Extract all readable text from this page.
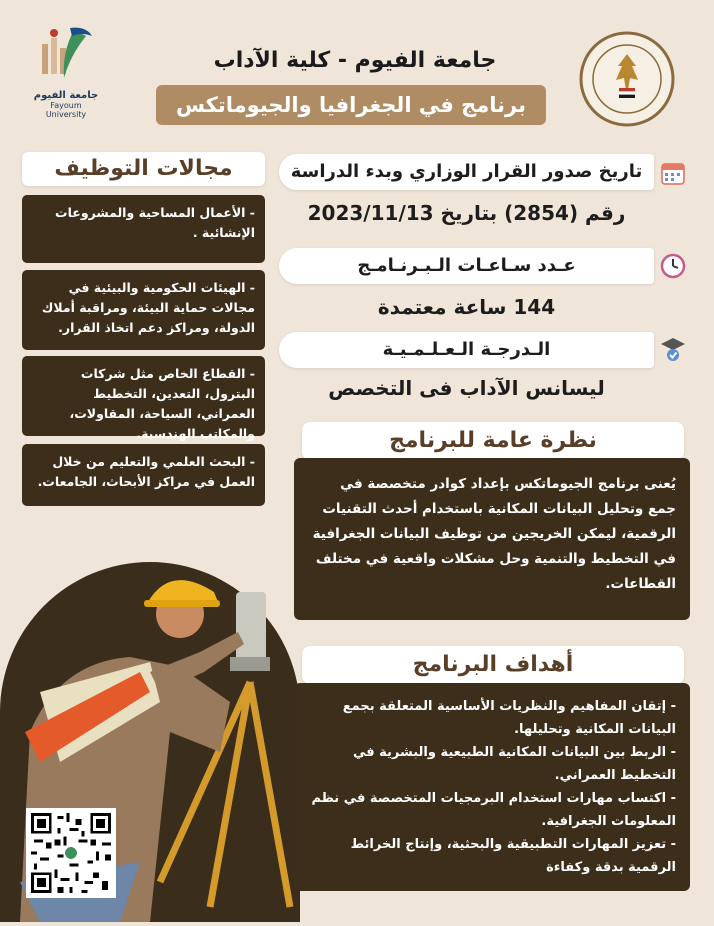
جامعة الفيوم
Fayoum University
جامعة الفيوم - كلية الآداب
برنامج في الجغرافيا والجيوماتكس
مجالات التوظيف
- الأعمال المساحية والمشروعات الإنشائية .
- الهيئات الحكومية والبيئية في مجالات حماية البيئة، ومراقبة أملاك الدولة، ومراكز دعم اتخاذ القرار.
- القطاع الخاص مثل شركات البترول، التعدين، التخطيط العمراني، السياحة، المقاولات، والمكاتب الهندسية.
- البحث العلمي والتعليم من خلال العمل في مراكز الأبحاث، الجامعات.
تاريخ صدور القرار الوزاري وبدء الدراسة
رقم (2854) بتاريخ 2023/11/13
عـدد سـاعـات الـبـرنـامـج
144 ساعة معتمدة
الـدرجـة الـعـلـمـيـة
ليسانس الآداب فى التخصص
نظرة عامة للبرنامج
يُعنى برنامج الجيوماتكس بإعداد كوادر متخصصة في جمع وتحليل البيانات المكانية باستخدام أحدث التقنيات الرقمية، ليمكن الخريجين من توظيف البيانات الجغرافية في التخطيط والتنمية وحل مشكلات واقعية في مختلف القطاعات.
أهداف البرنامج
- إتقان المفاهيم والنظريات الأساسية المتعلقة بجمع البيانات المكانية وتحليلها.
- الربط بين البيانات المكانية الطبيعية والبشرية في التخطيط العمراني.
- اكتساب مهارات استخدام البرمجيات المتخصصة في نظم المعلومات الجغرافية.
- تعزيز المهارات التطبيقية والبحثية، وإنتاج الخرائط الرقمية بدقة وكفاءة
